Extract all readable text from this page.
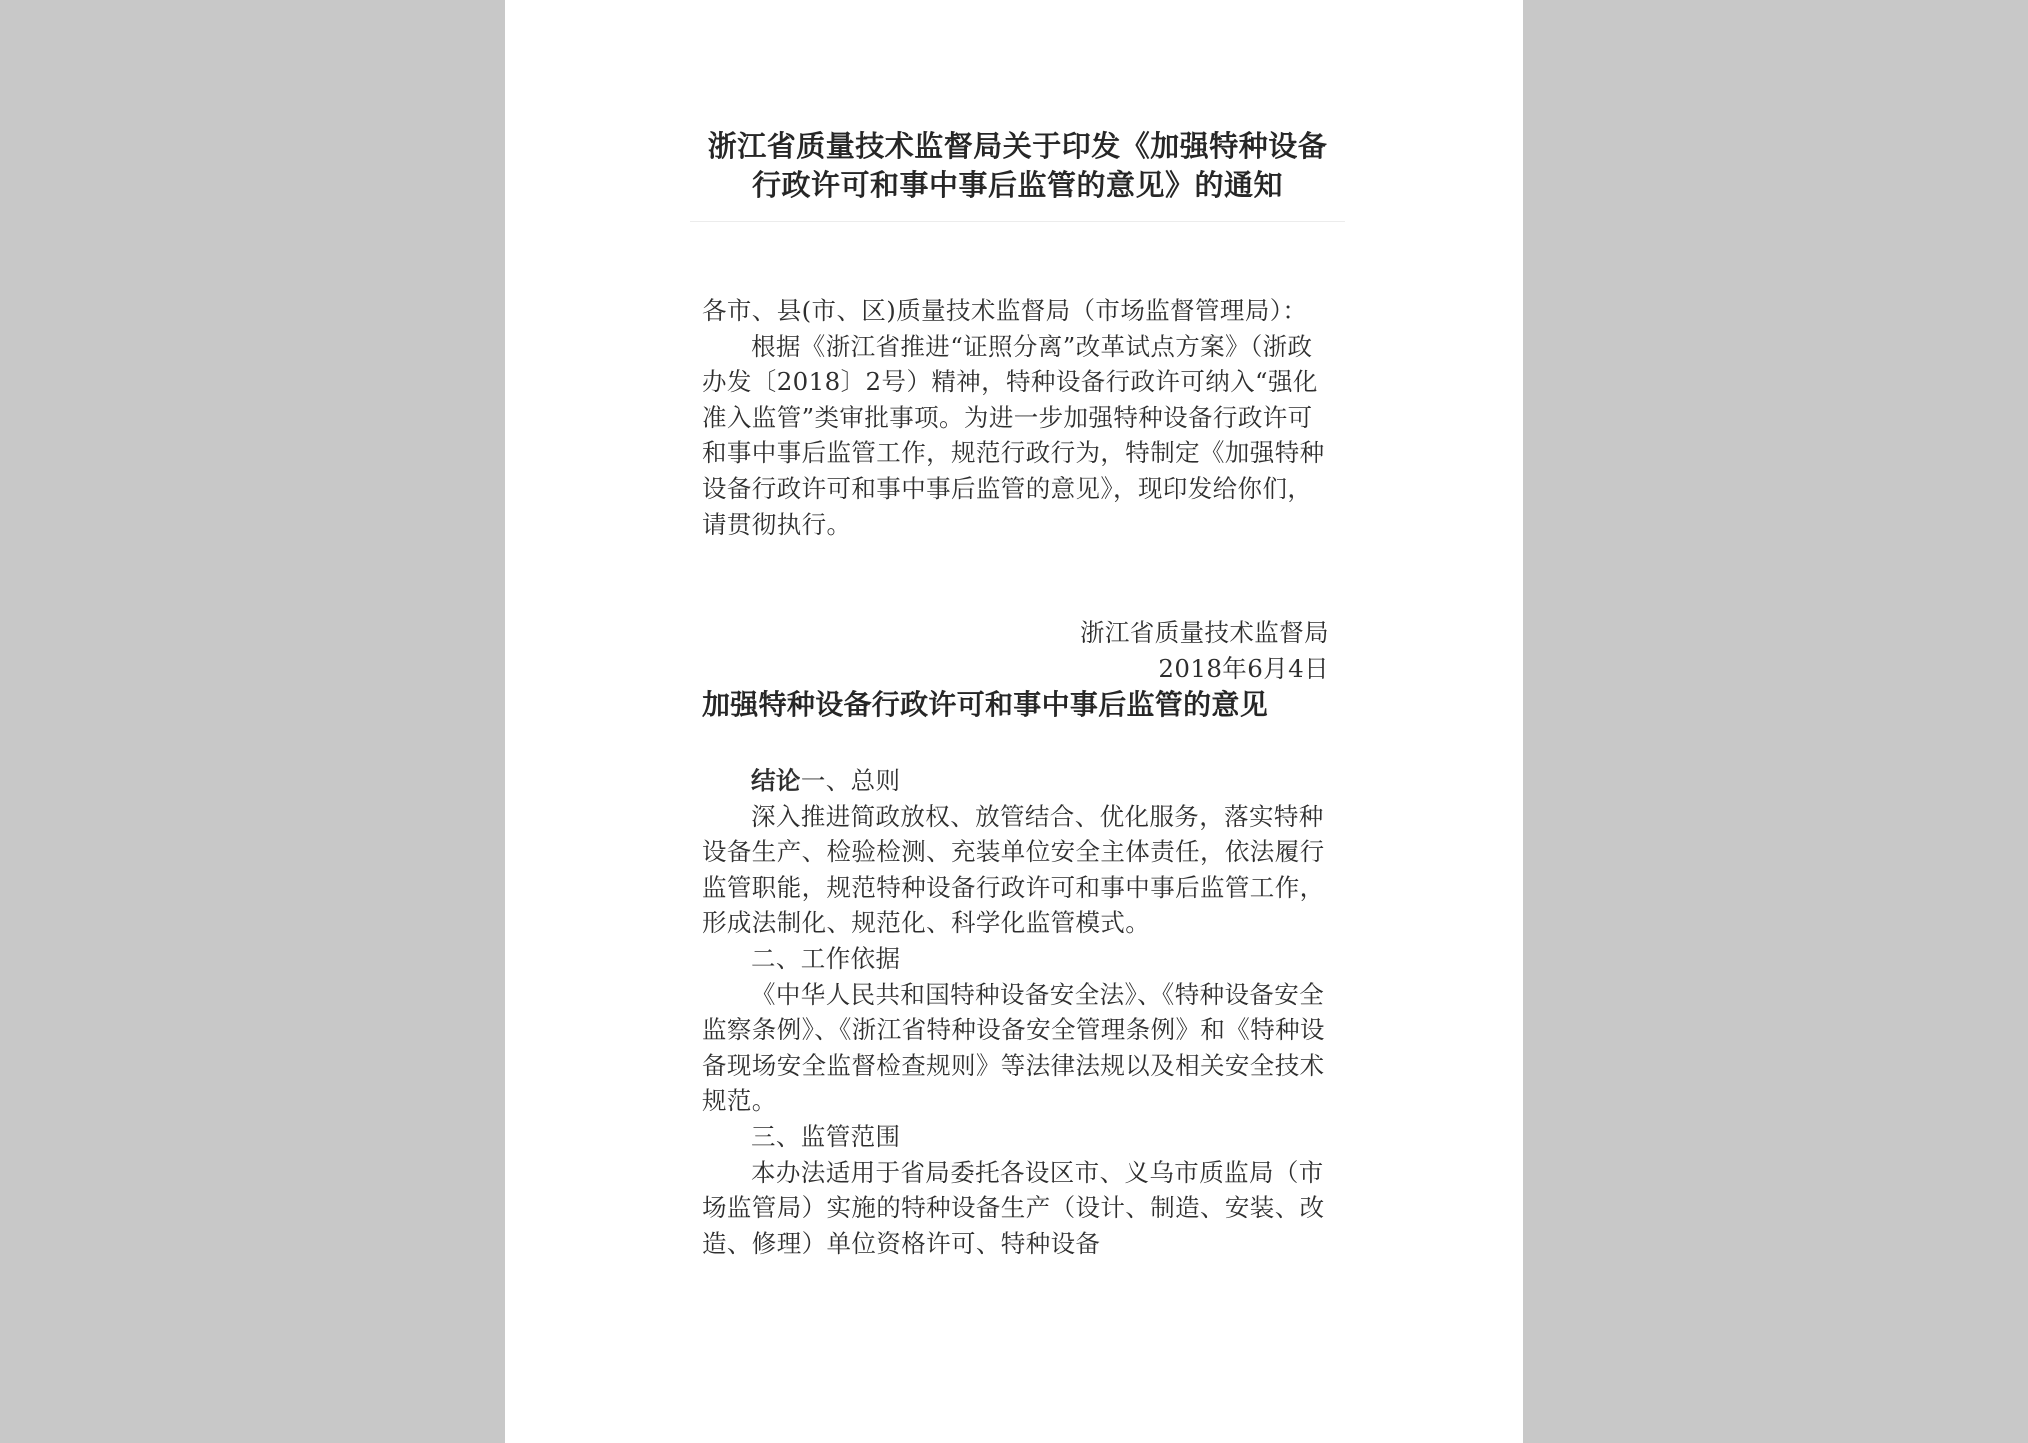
浙江省质量技术监督局关于印发《加强特种设备行政许可和事中事后监管的意见》的通知

各市、县(市、区)质量技术监督局（市场监督管理局）：

根据《浙江省推进“证照分离”改革试点方案》（浙政办发〔2018〕2号）精神，特种设备行政许可纳入“强化准入监管”类审批事项。为进一步加强特种设备行政许可和事中事后监管工作，规范行政行为，特制定《加强特种设备行政许可和事中事后监管的意见》，现印发给你们，请贯彻执行。

浙江省质量技术监督局
2018年6月4日
加强特种设备行政许可和事中事后监管的意见

结论一、总则

深入推进简政放权、放管结合、优化服务，落实特种设备生产、检验检测、充装单位安全主体责任，依法履行监管职能，规范特种设备行政许可和事中事后监管工作，形成法制化、规范化、科学化监管模式。

二、工作依据

《中华人民共和国特种设备安全法》、《特种设备安全监察条例》、《浙江省特种设备安全管理条例》和《特种设备现场安全监督检查规则》等法律法规以及相关安全技术规范。

三、监管范围

本办法适用于省局委托各设区市、义乌市质监局（市场监管局）实施的特种设备生产（设计、制造、安装、改造、修理）单位资格许可、特种设备
